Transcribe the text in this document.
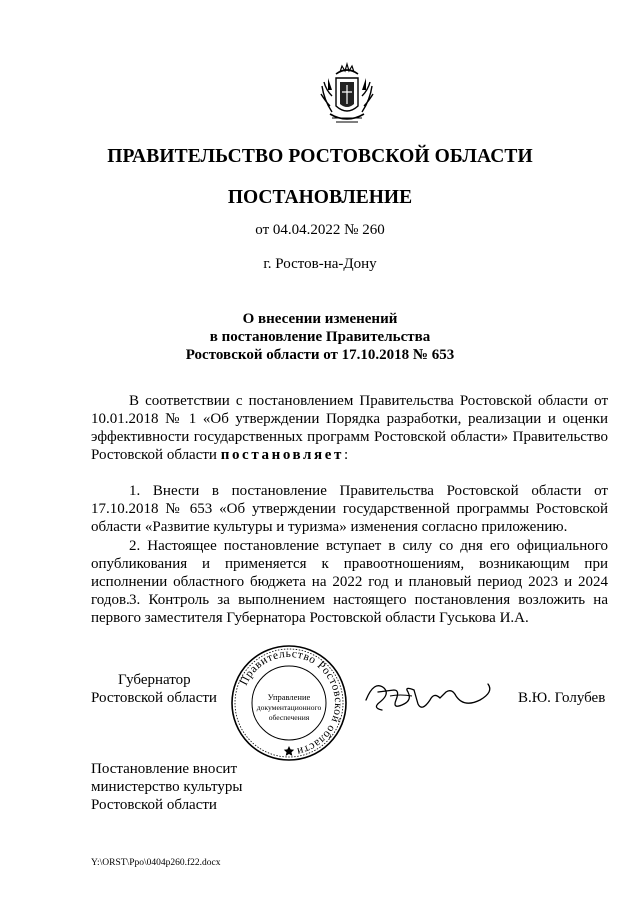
ПРАВИТЕЛЬСТВО РОСТОВСКОЙ ОБЛАСТИ
ПОСТАНОВЛЕНИЕ
от 04.04.2022 № 260
г. Ростов-на-Дону
О внесении изменений
в постановление Правительства
Ростовской области от 17.10.2018 № 653
В соответствии с постановлением Правительства Ростовской области от 10.01.2018 № 1 «Об утверждении Порядка разработки, реализации и оценки эффективности государственных программ Ростовской области» Правительство Ростовской области постановляет:
1. Внести в постановление Правительства Ростовской области от 17.10.2018 № 653 «Об утверждении государственной программы Ростовской области «Развитие культуры и туризма» изменения согласно приложению.
2. Настоящее постановление вступает в силу со дня его официального опубликования и применяется к правоотношениям, возникающим при исполнении областного бюджета на 2022 год и плановый период 2023 и 2024 годов. 3. Контроль за выполнением настоящего постановления возложить на первого заместителя Губернатора Ростовской области Гуськова И.А.
Губернатор
Ростовской области
Правительство Ростовской области
Управление
документационного
обеспечения
В.Ю. Голубев
Постановление вносит
министерство культуры
Ростовской области
Y:\ORST\Ppo\0404p260.f22.docx
